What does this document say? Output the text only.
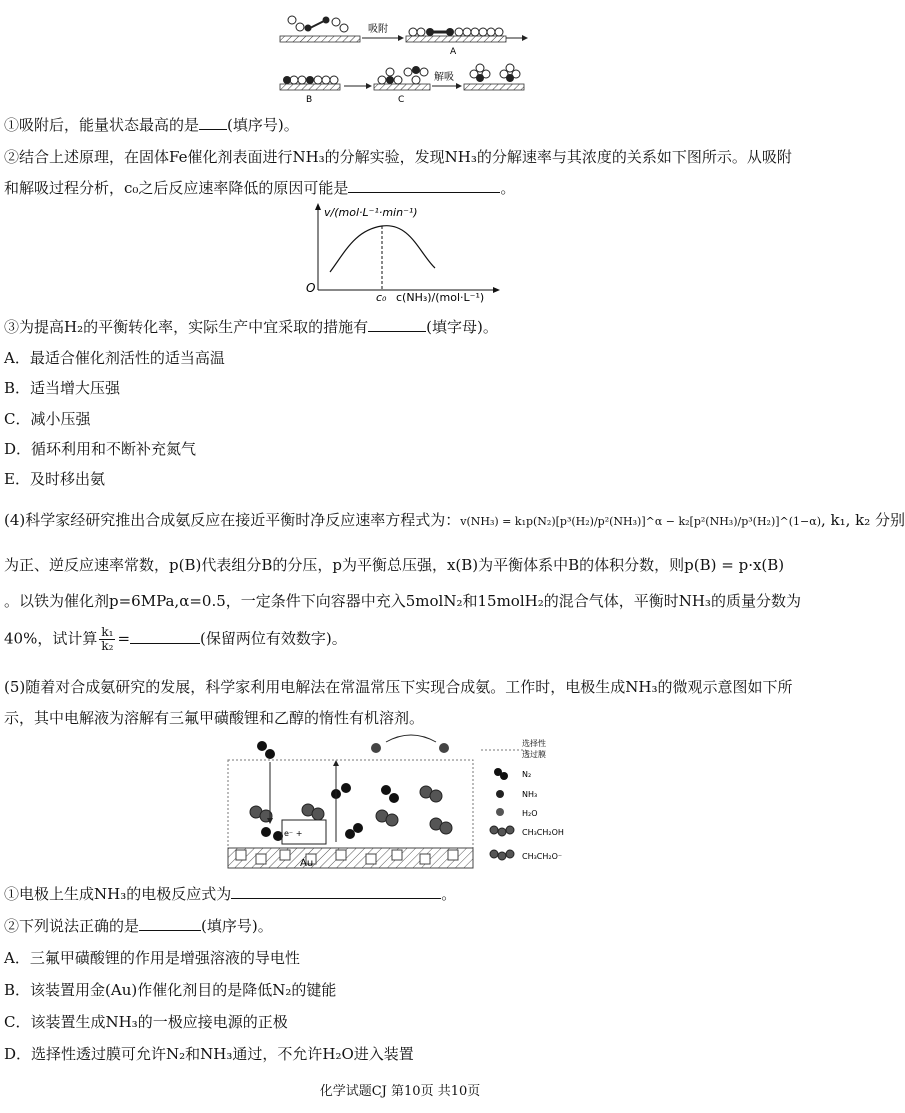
吸附
A
B	C
解吸
①吸附后，能量状态最高的是 (填序号)。
②结合上述原理，在固体Fe催化剂表面进行NH₃的分解实验，发现NH₃的分解速率与其浓度的关系如下图所示。从吸附
和解吸过程分析，c₀之后反应速率降低的原因可能是	。
v/(mol·L⁻¹·min⁻¹)
O
c₀ c(NH₃)/(mol·L⁻¹)
③为提高H₂的平衡转化率，实际生产中宜采取的措施有	(填字母)。
A．最适合催化剂活性的适当高温
B．适当增大压强
C．减小压强
D．循环利用和不断补充氮气
E．及时移出氨
(4)科学家经研究推出合成氨反应在接近平衡时净反应速率方程式为：v(NH₃) = k₁p(N₂)[p³(H₂)/p²(NH₃)]^α − k₂[p²(NH₃)/p³(H₂)]^(1−α), k₁, k₂ 分别
为正、逆反应速率常数，p(B)代表组分B的分压，p为平衡总压强，x(B)为平衡体系中B的体积分数，则p(B) = p·x(B)
。以铁为催化剂p=6MPa,α=0.5，一定条件下向容器中充入5molN₂和15molH₂的混合气体，平衡时NH₃的质量分数为
40%，试计算 $\frac{\text{k₁}}{\text{k₂}}$ =	(保留两位有效数字)。
(5)随着对合成氨研究的发展，科学家利用电解法在常温常压下实现合成氨。工作时，电极生成NH₃的微观示意图如下所
示，其中电解液为溶解有三氟甲磺酸锂和乙醇的惰性有机溶剂。
Au
e⁻ +
选择性
透过膜
N₂
NH₃
H₂O
CH₃CH₂OH
CH₃CH₂O⁻
①电极上生成NH₃的电极反应式为	。
②下列说法正确的是	(填序号)。
A．三氟甲磺酸锂的作用是增强溶液的导电性
B．该装置用金(Au)作催化剂目的是降低N₂的键能
C．该装置生成NH₃的一极应接电源的正极
D．选择性透过膜可允许N₂和NH₃通过，不允许H₂O进入装置
化学试题CJ 第10页 共10页
